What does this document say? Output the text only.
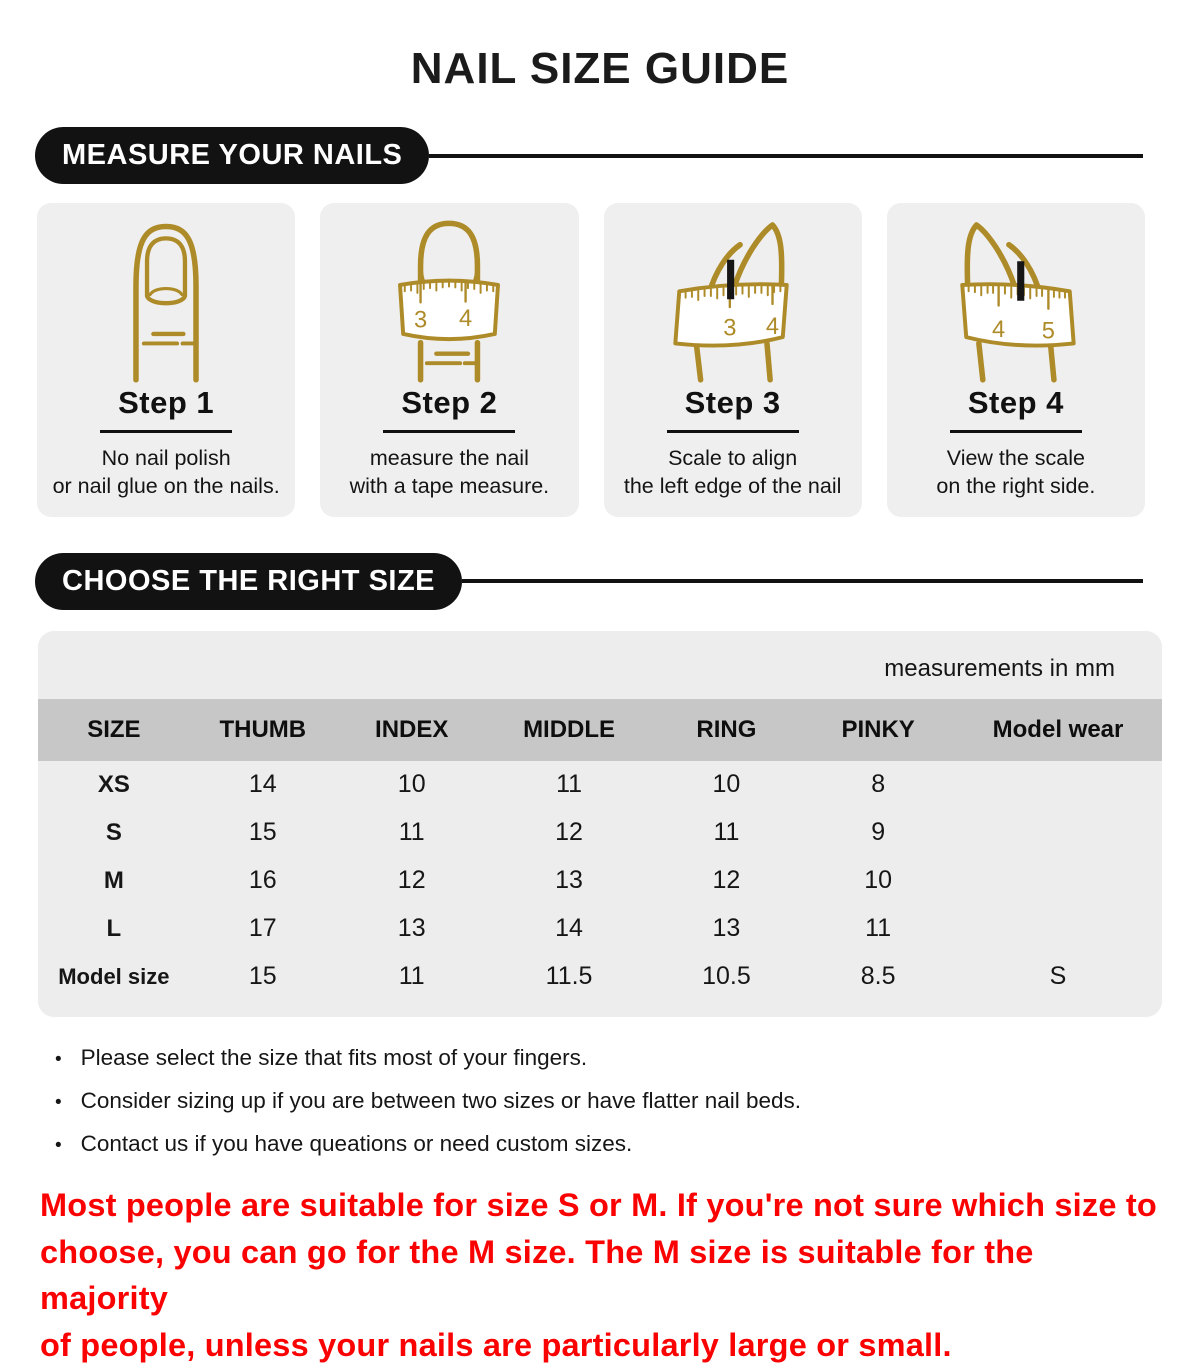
NAIL SIZE GUIDE
MEASURE YOUR NAILS
Step 1
No nail polish
or nail glue on the nails.
3 4
Step 2
measure the nail
with a tape measure.
3 4
Step 3
Scale to align
the left edge of the nail
4 5
Step 4
View the scale
on the right side.
CHOOSE THE RIGHT SIZE
measurements in mm
SIZE	THUMB	INDEX	MIDDLE	RING	PINKY	Model wear
XS	14	10	11	10	8	
S	15	11	12	11	9	
M	16	12	13	12	10	
L	17	13	14	13	11	
Model size	15	11	11.5	10.5	8.5	S
• Please select the size that fits most of your fingers.
• Consider sizing up if you are between two sizes or have flatter nail beds.
• Contact us if you have queations or need custom sizes.
Most people are suitable for size S or M. If you're not sure which size to
choose, you can go for the M size. The M size is suitable for the majority
of people, unless your nails are particularly large or small.
